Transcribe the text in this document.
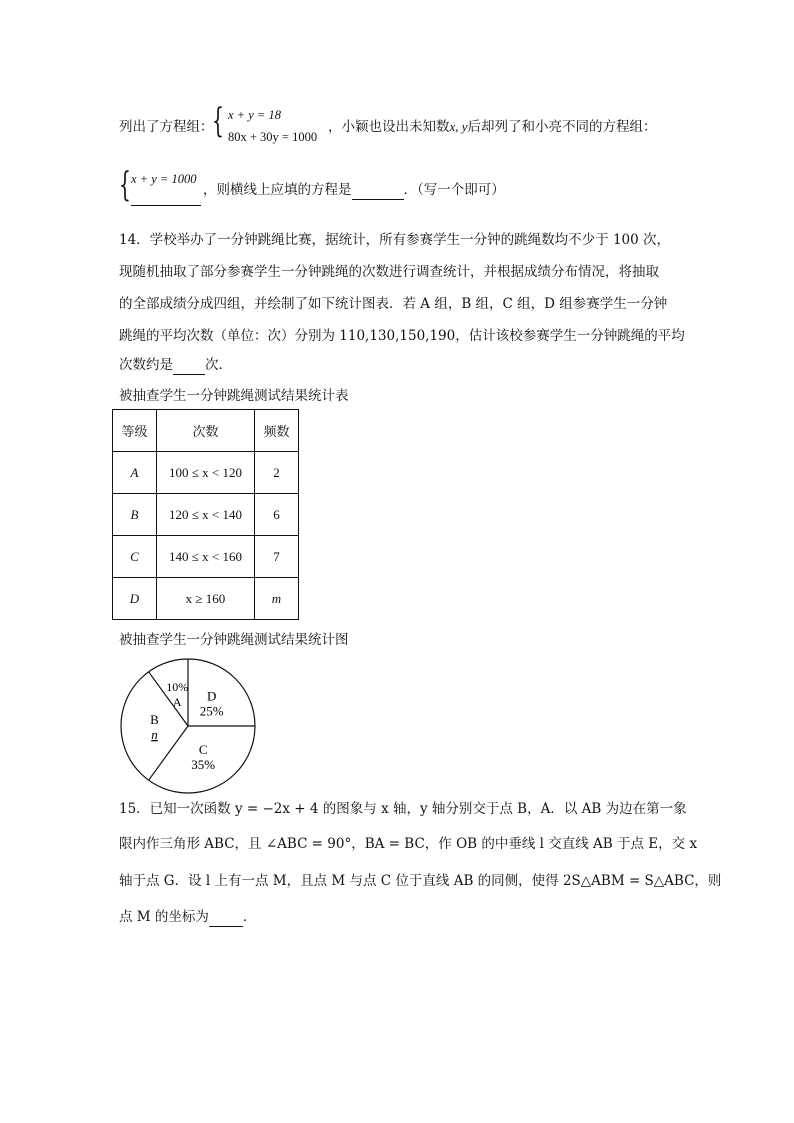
列出了方程组：
{ x + y = 18
80x + 30y = 1000
，小颖也设出未知数x, y后却列了和小亮不同的方程组：
{ x + y = 1000
，则横线上应填的方程是	．（写一个即可）
14．学校举办了一分钟跳绳比赛，据统计，所有参赛学生一分钟的跳绳数均不少于 100 次，
现随机抽取了部分参赛学生一分钟跳绳的次数进行调查统计，并根据成绩分布情况，将抽取
的全部成绩分成四组，并绘制了如下统计图表．若 A 组，B 组，C 组，D 组参赛学生一分钟
跳绳的平均次数（单位：次）分别为 110,130,150,190，估计该校参赛学生一分钟跳绳的平均
次数约是 次．
被抽查学生一分钟跳绳测试结果统计表
等级	次数	频数
A	100 ≤ x < 120	2
B	120 ≤ x < 140	6
C	140 ≤ x < 160	7
D	x ≥ 160	m
被抽查学生一分钟跳绳测试结果统计图
10%
A D
25%
C
35%
B
n
15．已知一次函数 y = −2x + 4 的图象与 x 轴，y 轴分别交于点 B，A．以 AB 为边在第一象
限内作三角形 ABC，且 ∠ABC = 90°，BA = BC，作 OB 的中垂线 l 交直线 AB 于点 E，交 x
轴于点 G．设 l 上有一点 M，且点 M 与点 C 位于直线 AB 的同侧，使得 2S△ABM = S△ABC，则
点 M 的坐标为	．
